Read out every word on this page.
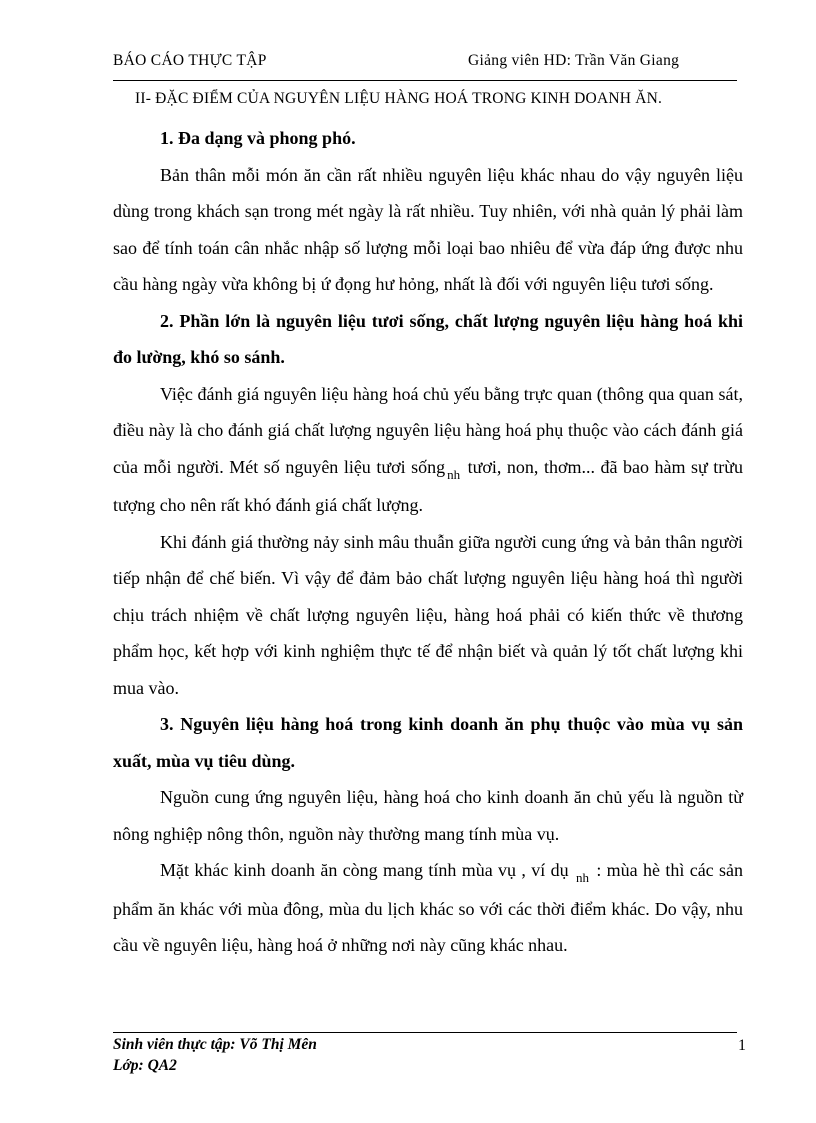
BÁO CÁO THỰC TẬP	Giảng viên HD: Trần Văn Giang
II- ĐẶC ĐIỂM CỦA NGUYÊN LIỆU HÀNG HOÁ TRONG KINH DOANH ĂN.

1. Đa dạng và phong phó.

Bản thân mỗi món ăn cần rất nhiều nguyên liệu khác nhau do vậy nguyên liệu dùng trong khách sạn trong mét ngày là rất nhiều. Tuy nhiên, với nhà quản lý phải làm sao để tính toán cân nhắc nhập số lượng mỗi loại bao nhiêu để vừa đáp ứng được nhu cầu hàng ngày vừa không bị ứ đọng hư hỏng, nhất là đối với nguyên liệu tươi sống.

2. Phần lớn là nguyên liệu tươi sống, chất lượng nguyên liệu hàng hoá khi đo lường, khó so sánh.

Việc đánh giá nguyên liệu hàng hoá chủ yếu bằng trực quan (thông qua quan sát, điều này là cho đánh giá chất lượng nguyên liệu hàng hoá phụ thuộc vào cách đánh giá của mỗi người. Mét số nguyên liệu tươi sống $_{nh}$ tươi, non, thơm... đã bao hàm sự trừu tượng cho nên rất khó đánh giá chất lượng.

Khi đánh giá thường nảy sinh mâu thuẫn giữa người cung ứng và bản thân người tiếp nhận để chế biến. Vì vậy để đảm bảo chất lượng nguyên liệu hàng hoá thì người chịu trách nhiệm về chất lượng nguyên liệu, hàng hoá phải có kiến thức về thương phẩm học, kết hợp với kinh nghiệm thực tế để nhận biết và quản lý tốt chất lượng khi mua vào.

3. Nguyên liệu hàng hoá trong kinh doanh ăn phụ thuộc vào mùa vụ sản xuất, mùa vụ tiêu dùng.

Nguồn cung ứng nguyên liệu, hàng hoá cho kinh doanh ăn chủ yếu là nguồn từ nông nghiệp nông thôn, nguồn này thường mang tính mùa vụ.

Mặt khác kinh doanh ăn còng mang tính mùa vụ , ví dụ $_{nh}$ : mùa hè thì các sản phẩm ăn khác với mùa đông, mùa du lịch khác so với các thời điểm khác. Do vậy, nhu cầu về nguyên liệu, hàng hoá ở những nơi này cũng khác nhau.

Sinh viên thực tập: Võ Thị Mên
Lớp: QA2
1
